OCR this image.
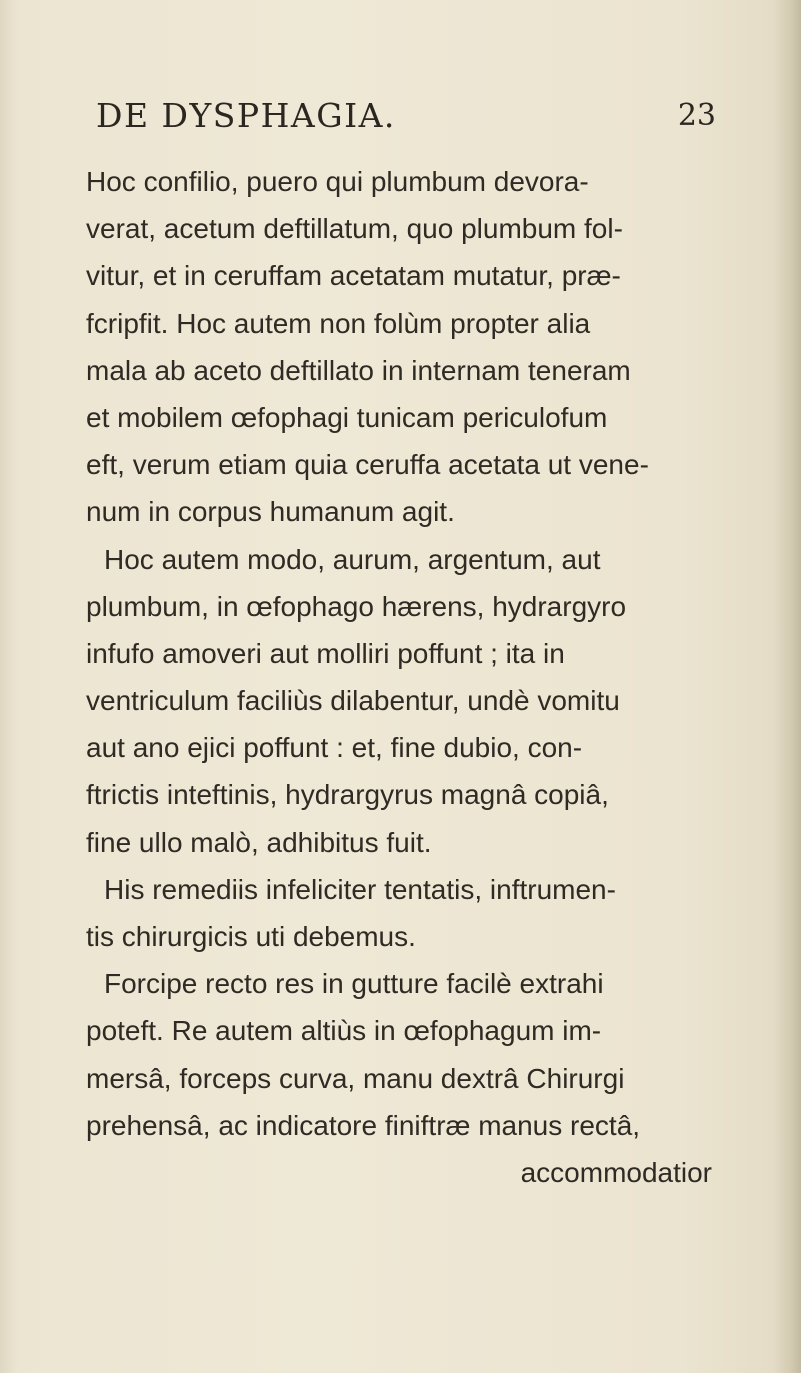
DE DYSPHAGIA.	23
Hoc confilio, puero qui plumbum devora-
verat, acetum deftillatum, quo plumbum fol-
vitur, et in ceruffam acetatam mutatur, præ-
fcripfit. Hoc autem non folùm propter alia
mala ab aceto deftillato in internam teneram
et mobilem œfophagi tunicam periculofum
eft, verum etiam quia ceruffa acetata ut vene-
num in corpus humanum agit.
Hoc autem modo, aurum, argentum, aut
plumbum, in œfophago hærens, hydrargyro
infufo amoveri aut molliri poffunt ; ita in
ventriculum faciliùs dilabentur, undè vomitu
aut ano ejici poffunt : et, fine dubio, con-
ftrictis inteftinis, hydrargyrus magnâ copiâ,
fine ullo malò, adhibitus fuit.
His remediis infeliciter tentatis, inftrumen-
tis chirurgicis uti debemus.
Forcipe recto res in gutture facilè extrahi
poteft. Re autem altiùs in œfophagum im-
mersâ, forceps curva, manu dextrâ Chirurgi
prehensâ, ac indicatore finiftræ manus rectâ,
accommodatior
